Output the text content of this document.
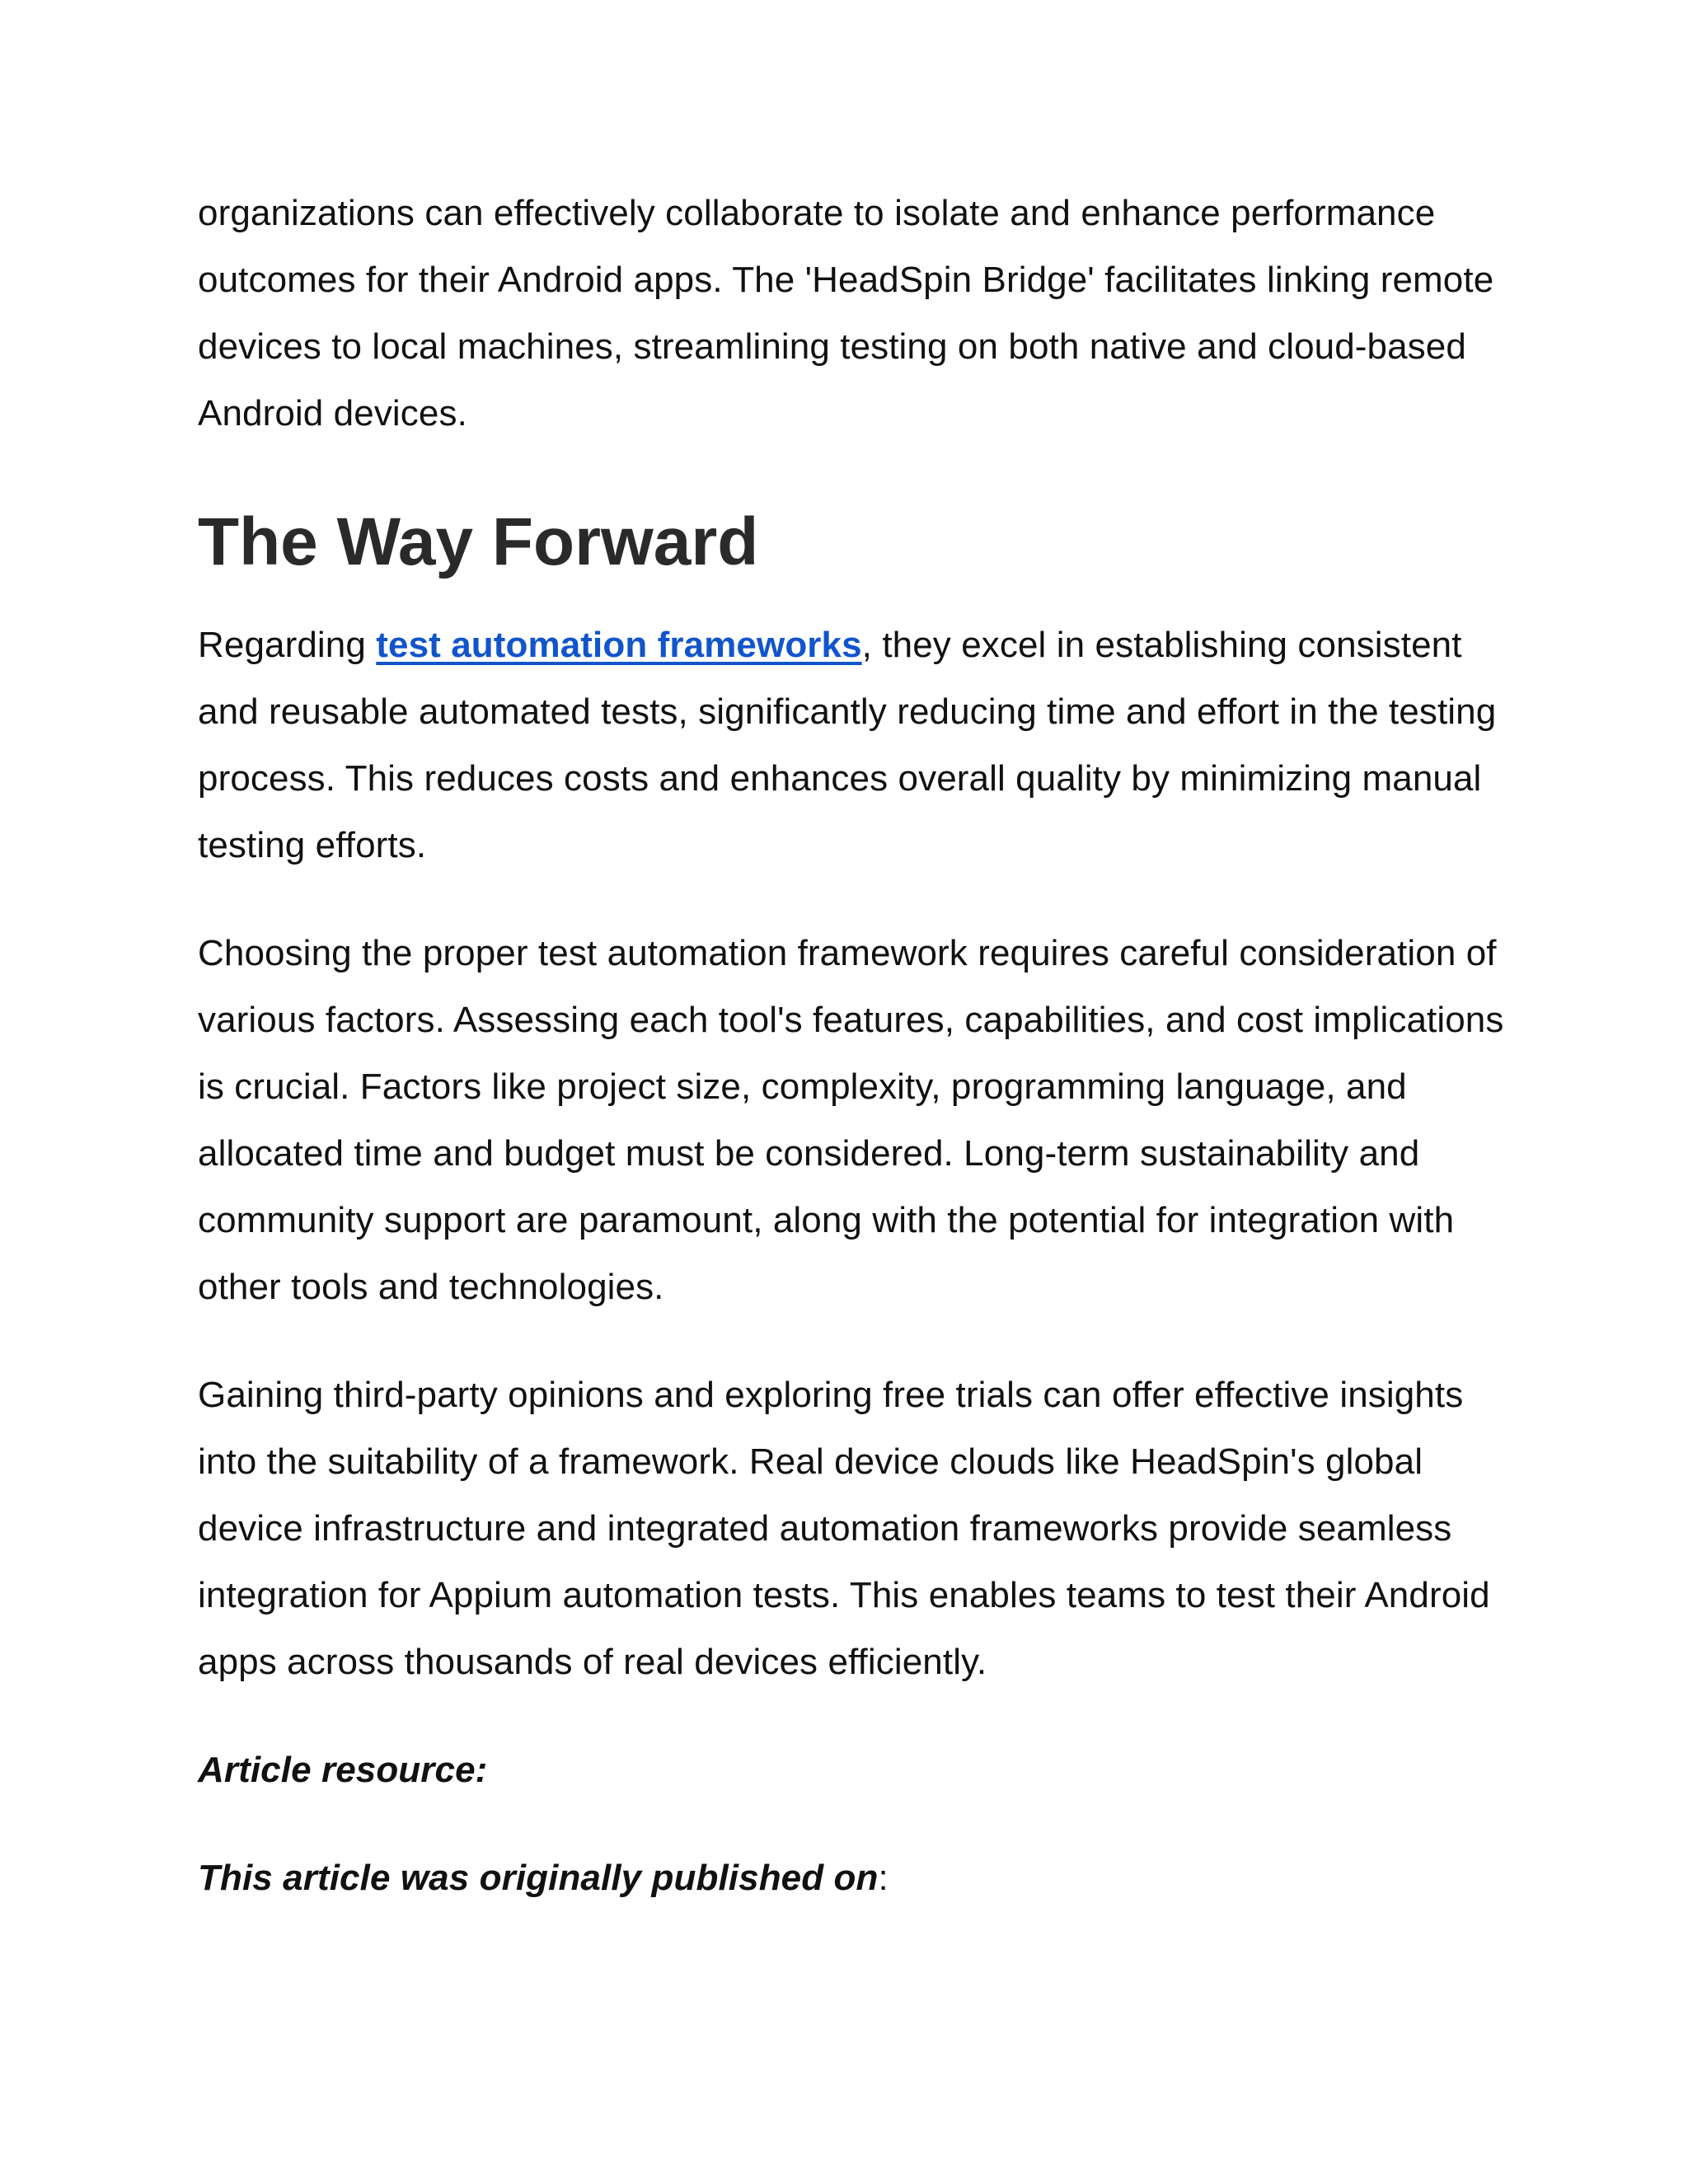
organizations can effectively collaborate to isolate and enhance performance outcomes for their Android apps. The 'HeadSpin Bridge' facilitates linking remote devices to local machines, streamlining testing on both native and cloud-based Android devices.

The Way Forward

Regarding test automation frameworks, they excel in establishing consistent and reusable automated tests, significantly reducing time and effort in the testing process. This reduces costs and enhances overall quality by minimizing manual testing efforts.

Choosing the proper test automation framework requires careful consideration of various factors. Assessing each tool's features, capabilities, and cost implications is crucial. Factors like project size, complexity, programming language, and allocated time and budget must be considered. Long-term sustainability and community support are paramount, along with the potential for integration with other tools and technologies.

Gaining third-party opinions and exploring free trials can offer effective insights into the suitability of a framework. Real device clouds like HeadSpin's global device infrastructure and integrated automation frameworks provide seamless integration for Appium automation tests. This enables teams to test their Android apps across thousands of real devices efficiently.

Article resource:

This article was originally published on:
